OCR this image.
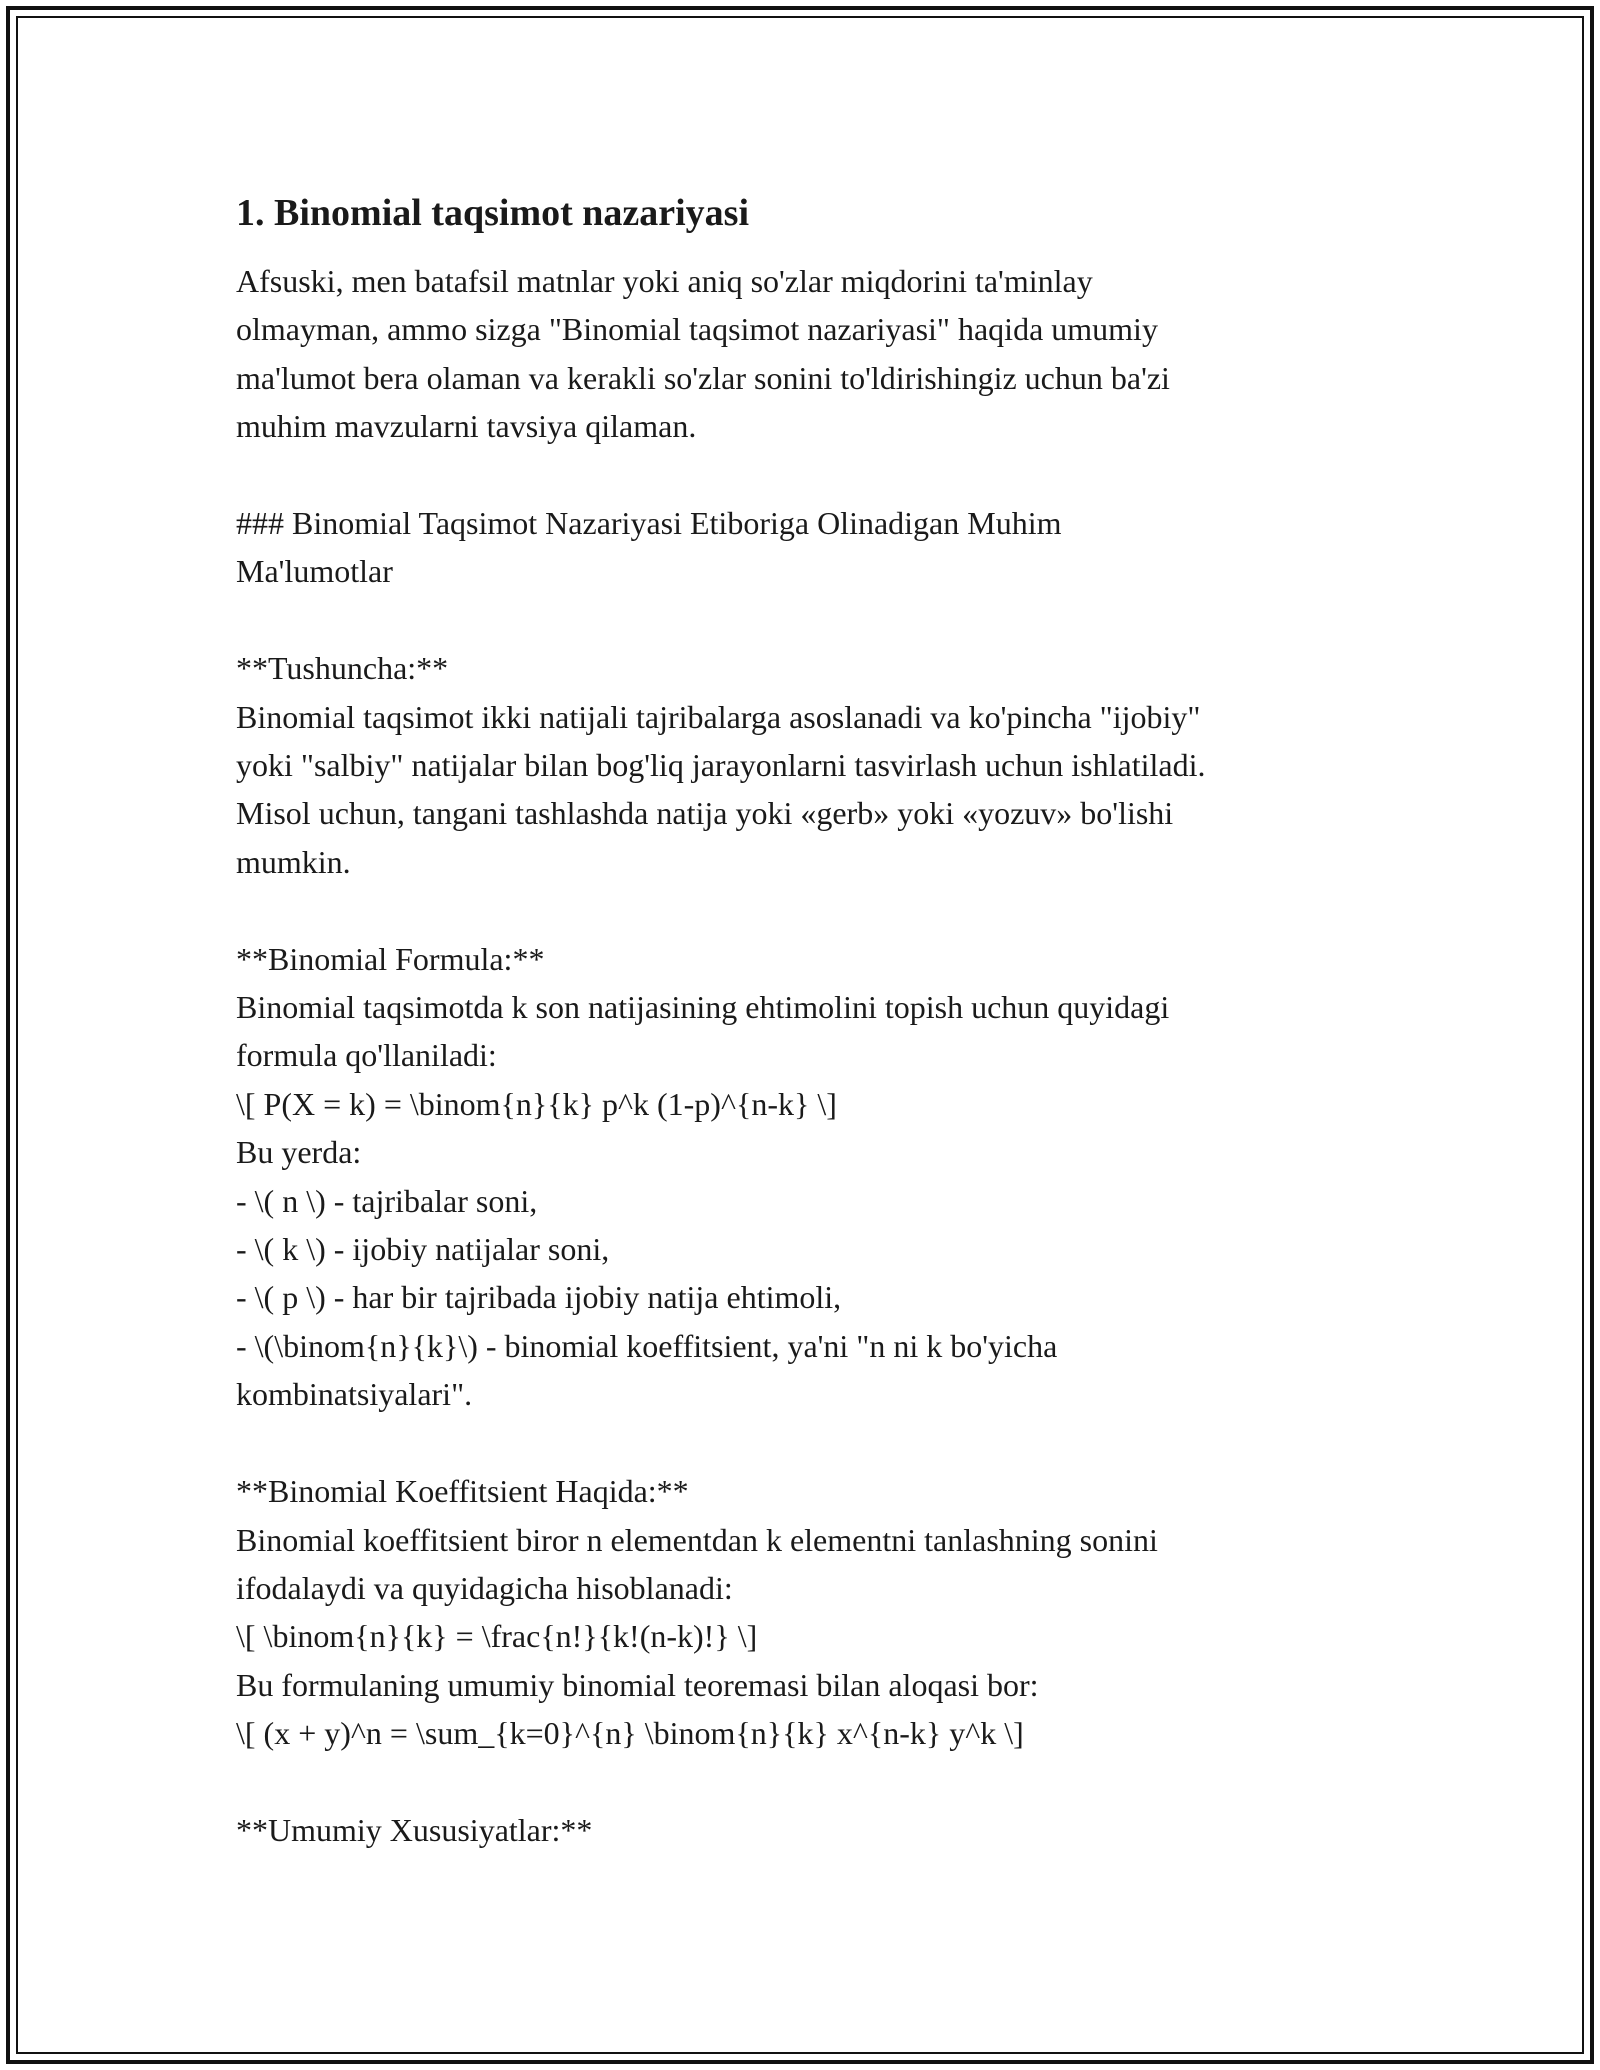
1. Binomial taqsimot nazariyasi
Afsuski, men batafsil matnlar yoki aniq so'zlar miqdorini ta'minlay
olmayman, ammo sizga "Binomial taqsimot nazariyasi" haqida umumiy
ma'lumot bera olaman va kerakli so'zlar sonini to'ldirishingiz uchun ba'zi
muhim mavzularni tavsiya qilaman.
### Binomial Taqsimot Nazariyasi Etiboriga Olinadigan Muhim
Ma'lumotlar
**Tushuncha:**
Binomial taqsimot ikki natijali tajribalarga asoslanadi va ko'pincha "ijobiy"
yoki "salbiy" natijalar bilan bog'liq jarayonlarni tasvirlash uchun ishlatiladi.
Misol uchun, tangani tashlashda natija yoki «gerb» yoki «yozuv» bo'lishi
mumkin.
**Binomial Formula:**
Binomial taqsimotda k son natijasining ehtimolini topish uchun quyidagi
formula qo'llaniladi:
\[ P(X = k) = \binom{n}{k} p^k (1-p)^{n-k} \]
Bu yerda:
- \( n \) - tajribalar soni,
- \( k \) - ijobiy natijalar soni,
- \( p \) - har bir tajribada ijobiy natija ehtimoli,
- \(\binom{n}{k}\) - binomial koeffitsient, ya'ni "n ni k bo'yicha
kombinatsiyalari".
**Binomial Koeffitsient Haqida:**
Binomial koeffitsient biror n elementdan k elementni tanlashning sonini
ifodalaydi va quyidagicha hisoblanadi:
\[ \binom{n}{k} = \frac{n!}{k!(n-k)!} \]
Bu formulaning umumiy binomial teoremasi bilan aloqasi bor:
\[ (x + y)^n = \sum_{k=0}^{n} \binom{n}{k} x^{n-k} y^k \]
**Umumiy Xususiyatlar:**
